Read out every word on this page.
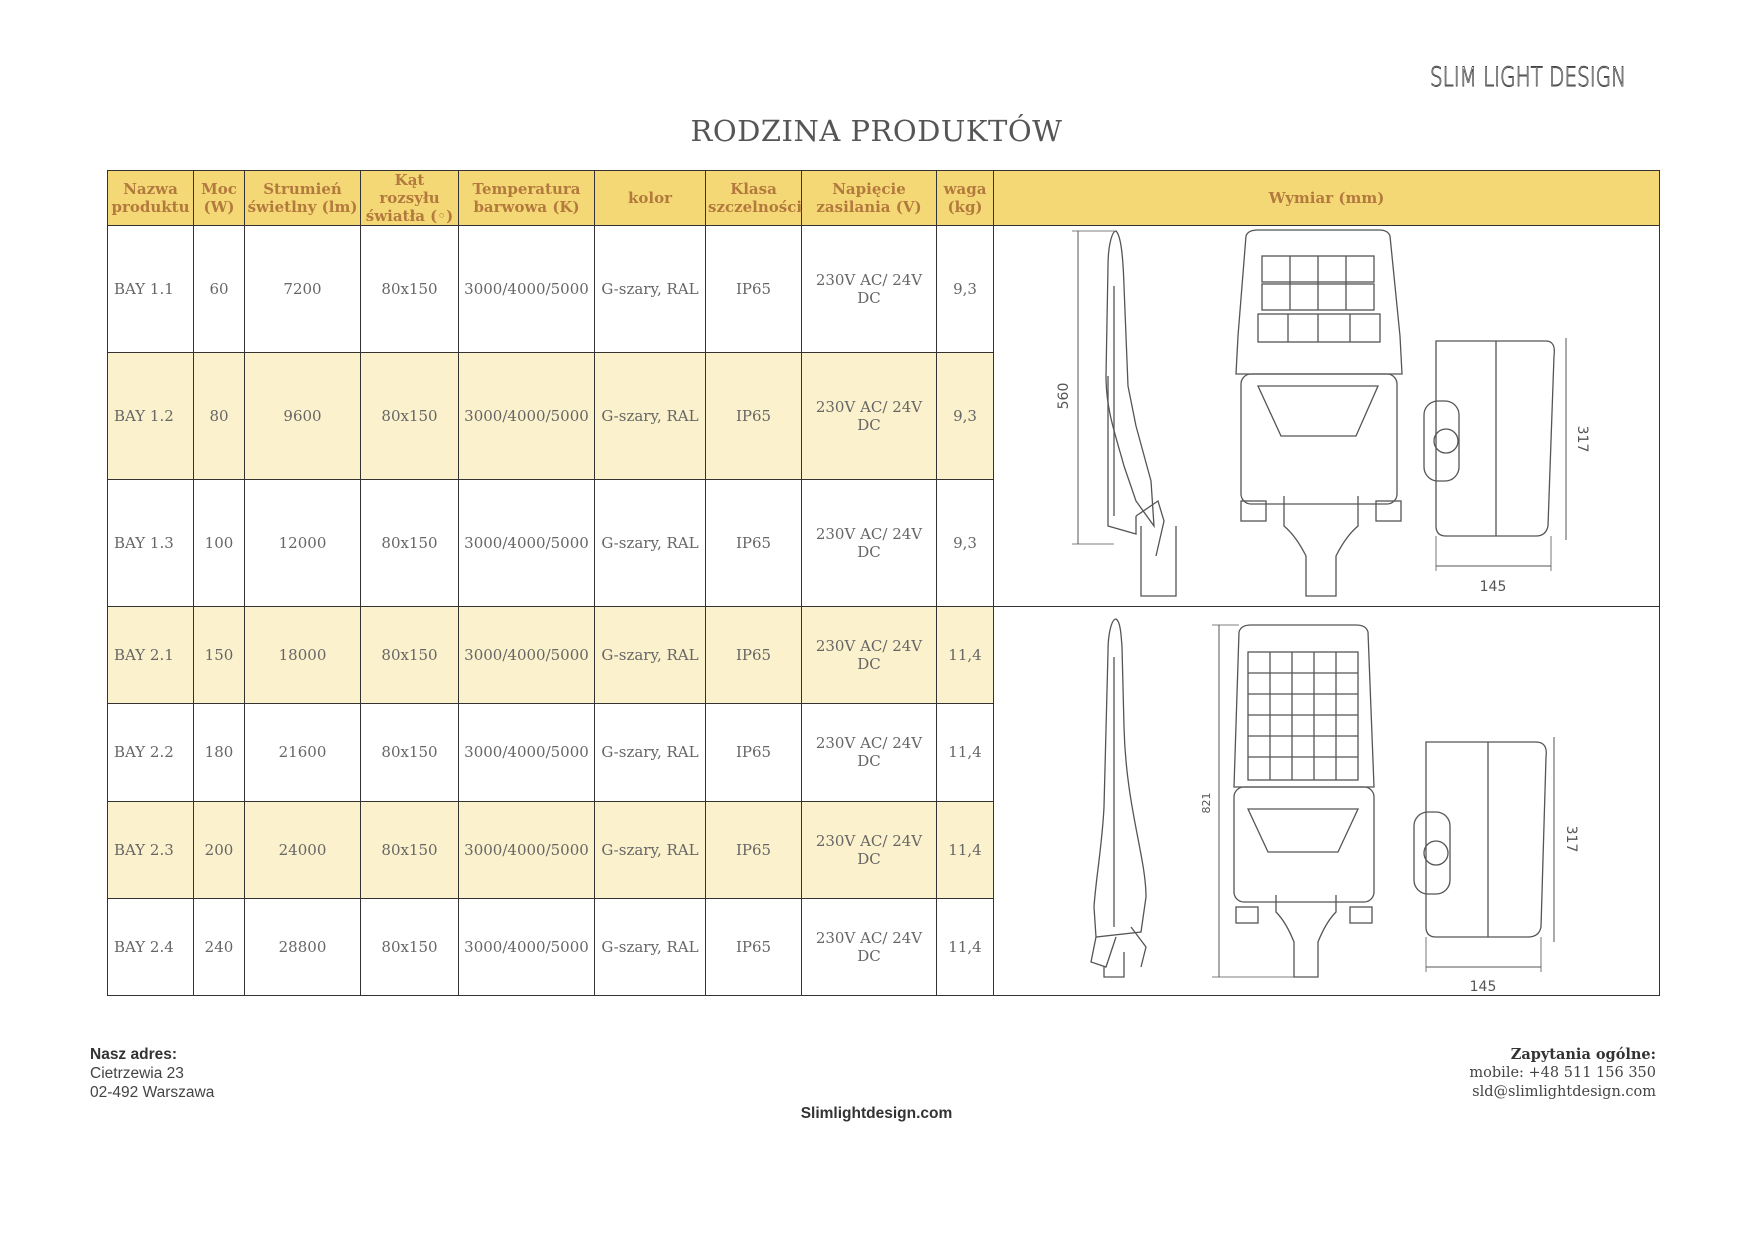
SLIM LIGHT DESIGN
RODZINA PRODUKTÓW
Nazwa produktu	Moc (W)	Strumień świetlny (lm)	Kąt rozsyłu światła (◦)	Temperatura barwowa (K)	kolor	Klasa szczelności	Napięcie zasilania (V)	waga (kg)	Wymiar (mm)
BAY 1.1	60	7200	80x150	3000/4000/5000	G-szary, RAL	IP65	230V AC/ 24V DC	9,3	560
317
145

BAY 1.2	80	9600	80x150	3000/4000/5000	G-szary, RAL	IP65	230V AC/ 24V DC	9,3	
BAY 1.3	100	12000	80x150	3000/4000/5000	G-szary, RAL	IP65	230V AC/ 24V DC	9,3	
BAY 2.1	150	18000	80x150	3000/4000/5000	G-szary, RAL	IP65	230V AC/ 24V DC	11,4	821
317
145

BAY 2.2	180	21600	80x150	3000/4000/5000	G-szary, RAL	IP65	230V AC/ 24V DC	11,4	
BAY 2.3	200	24000	80x150	3000/4000/5000	G-szary, RAL	IP65	230V AC/ 24V DC	11,4	
BAY 2.4	240	28800	80x150	3000/4000/5000	G-szary, RAL	IP65	230V AC/ 24V DC	11,4	
Nasz adres:
Cietrzewia 23
02-492 Warszawa
Zapytania ogólne:
mobile: +48 511 156 350
sld@slimlightdesign.com
Slimlightdesign.com
